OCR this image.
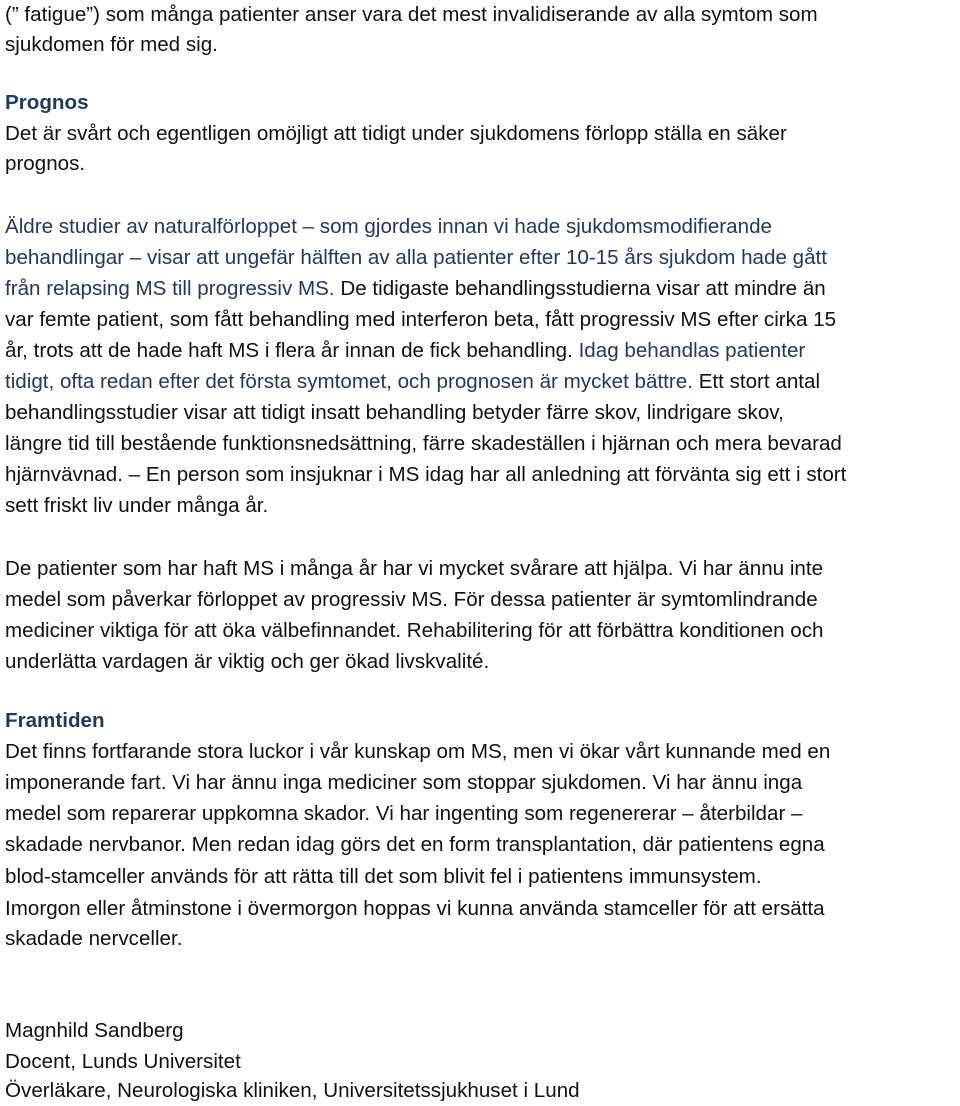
(” fatigue”) som många patienter anser vara det mest invalidiserande av alla symtom som
sjukdomen för med sig.
Prognos
Det är svårt och egentligen omöjligt att tidigt under sjukdomens förlopp ställa en säker
prognos.
Äldre studier av naturalförloppet – som gjordes innan vi hade sjukdomsmodifierande
behandlingar – visar att ungefär hälften av alla patienter efter 10-15 års sjukdom hade gått
från relapsing MS till progressiv MS. De tidigaste behandlingsstudierna visar att mindre än
var femte patient, som fått behandling med interferon beta, fått progressiv MS efter cirka 15
år, trots att de hade haft MS i flera år innan de fick behandling. Idag behandlas patienter
tidigt, ofta redan efter det första symtomet, och prognosen är mycket bättre. Ett stort antal
behandlingsstudier visar att tidigt insatt behandling betyder färre skov, lindrigare skov,
längre tid till bestående funktionsnedsättning, färre skadeställen i hjärnan och mera bevarad
hjärnvävnad. – En person som insjuknar i MS idag har all anledning att förvänta sig ett i stort
sett friskt liv under många år.
De patienter som har haft MS i många år har vi mycket svårare att hjälpa. Vi har ännu inte
medel som påverkar förloppet av progressiv MS. För dessa patienter är symtomlindrande
mediciner viktiga för att öka välbefinnandet. Rehabilitering för att förbättra konditionen och
underlätta vardagen är viktig och ger ökad livskvalité.
Framtiden
Det finns fortfarande stora luckor i vår kunskap om MS, men vi ökar vårt kunnande med en
imponerande fart. Vi har ännu inga mediciner som stoppar sjukdomen. Vi har ännu inga
medel som reparerar uppkomna skador. Vi har ingenting som regenererar – återbildar –
skadade nervbanor. Men redan idag görs det en form transplantation, där patientens egna
blod-stamceller används för att rätta till det som blivit fel i patientens immunsystem.
Imorgon eller åtminstone i övermorgon hoppas vi kunna använda stamceller för att ersätta
skadade nervceller.
Magnhild Sandberg
Docent, Lunds Universitet
Överläkare, Neurologiska kliniken, Universitetssjukhuset i Lund
